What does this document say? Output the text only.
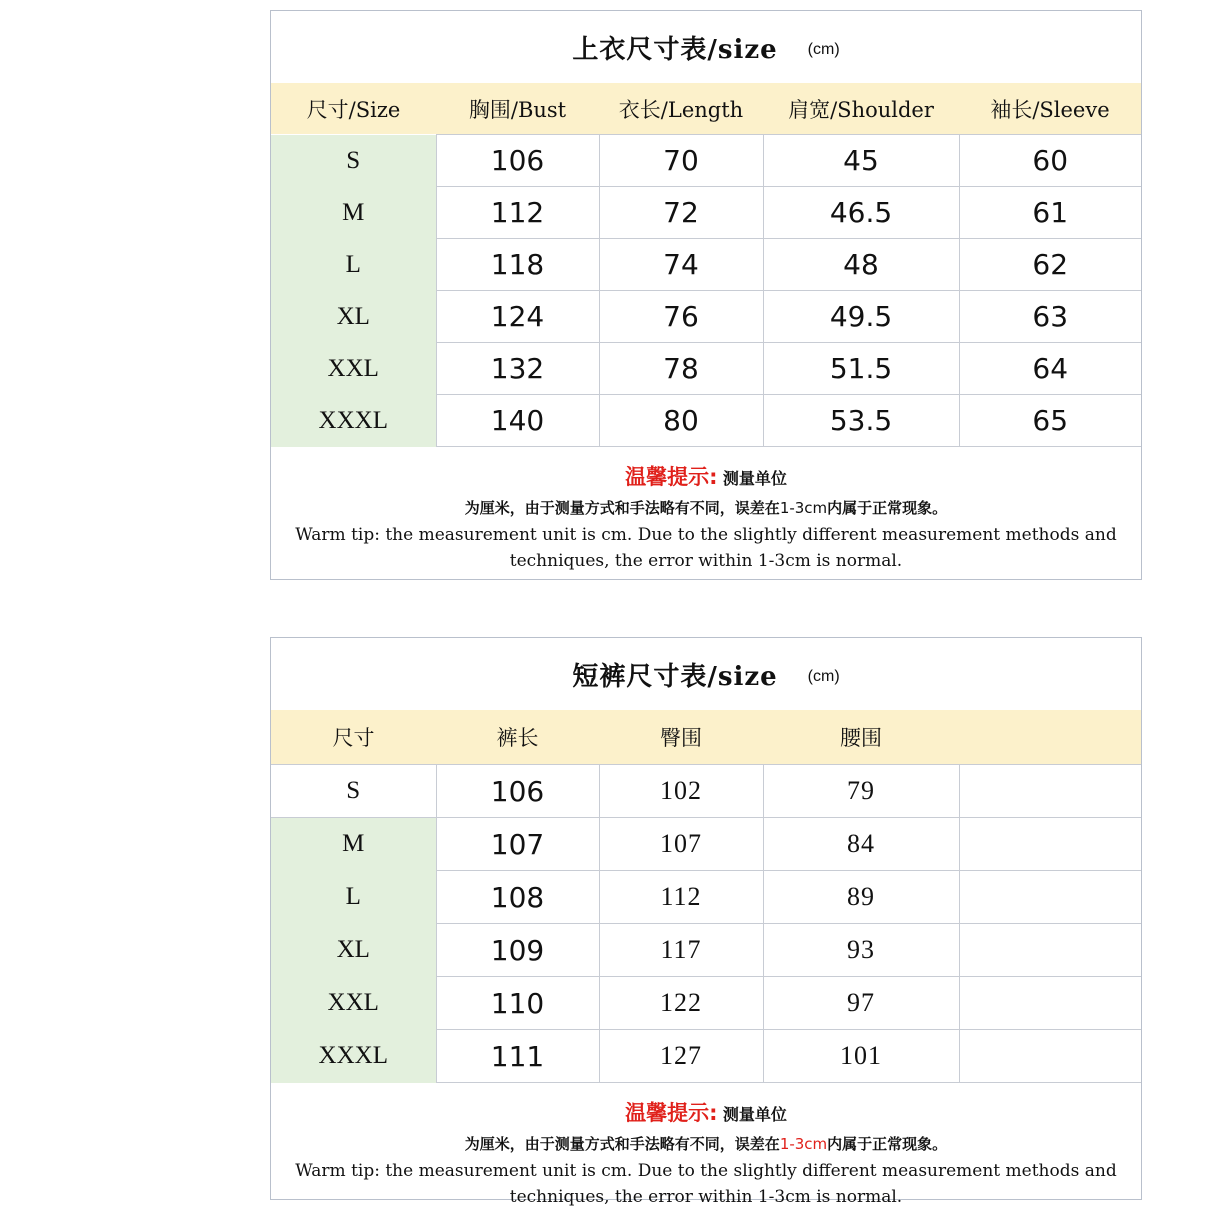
上衣尺寸表/size (cm)
尺寸/Size	胸围/Bust	衣长/Length	肩宽/Shoulder	袖长/Sleeve
S	106	70	45	60
M	112	72	46.5	61
L	118	74	48	62
XL	124	76	49.5	63
XXL	132	78	51.5	64
XXXL	140	80	53.5	65
温馨提示: 测量单位
为厘米，由于测量方式和手法略有不同，误差在1-3cm内属于正常现象。
Warm tip: the measurement unit is cm. Due to the slightly different measurement methods and techniques, the error within 1-3cm is normal.
短裤尺寸表/size (cm)
尺寸	裤长	臀围	腰围
S	106	102	79	
M	107	107	84	
L	108	112	89	
XL	109	117	93	
XXL	110	122	97	
XXXL	111	127	101	
温馨提示: 测量单位
为厘米，由于测量方式和手法略有不同，误差在1-3cm内属于正常现象。
Warm tip: the measurement unit is cm. Due to the slightly different measurement methods and techniques, the error within 1-3cm is normal.
